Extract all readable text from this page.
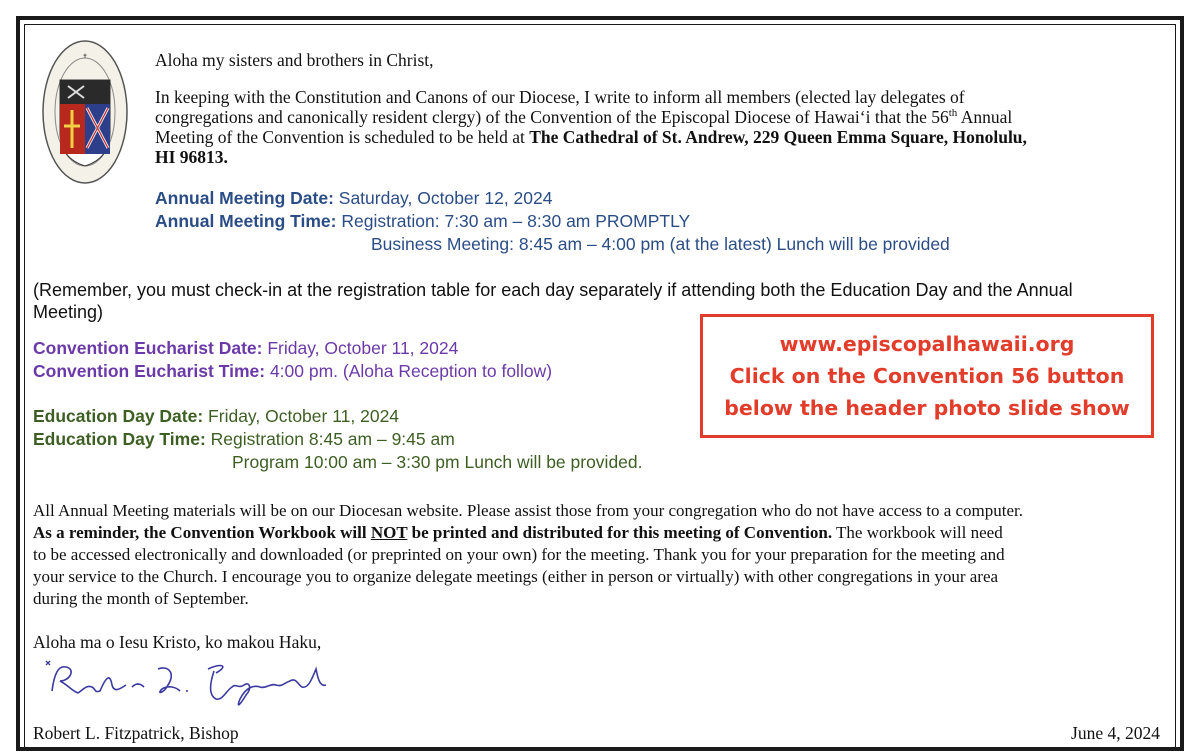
✝	Aloha my sisters and brothers in Christ,
In keeping with the Constitution and Canons of our Diocese, I write to inform all members (elected lay delegates of
congregations and canonically resident clergy) of the Convention of the Episcopal Diocese of Hawai‘i that the 56th Annual
Meeting of the Convention is scheduled to be held at The Cathedral of St. Andrew, 229 Queen Emma Square, Honolulu,
HI 96813.
Annual Meeting Date: Saturday, October 12, 2024
Annual Meeting Time: Registration: 7:30 am – 8:30 am PROMPTLY
Business Meeting: 8:45 am – 4:00 pm (at the latest) Lunch will be provided
(Remember, you must check-in at the registration table for each day separately if attending both the Education Day and the Annual
Meeting)
Convention Eucharist Date: Friday, October 11, 2024
Convention Eucharist Time: 4:00 pm. (Aloha Reception to follow)
Education Day Date: Friday, October 11, 2024
Education Day Time: Registration 8:45 am – 9:45 am
Program 10:00 am – 3:30 pm Lunch will be provided.
www.episcopalhawaii.org
Click on the Convention 56 button
below the header photo slide show
All Annual Meeting materials will be on our Diocesan website. Please assist those from your congregation who do not have access to a computer.
As a reminder, the Convention Workbook will NOT be printed and distributed for this meeting of Convention. The workbook will need
to be accessed electronically and downloaded (or preprinted on your own) for the meeting. Thank you for your preparation for the meeting and
your service to the Church. I encourage you to organize delegate meetings (either in person or virtually) with other congregations in your area
during the month of September.
Aloha ma o Iesu Kristo, ko makou Haku,
Robert L. Fitzpatrick, Bishop	June 4, 2024
